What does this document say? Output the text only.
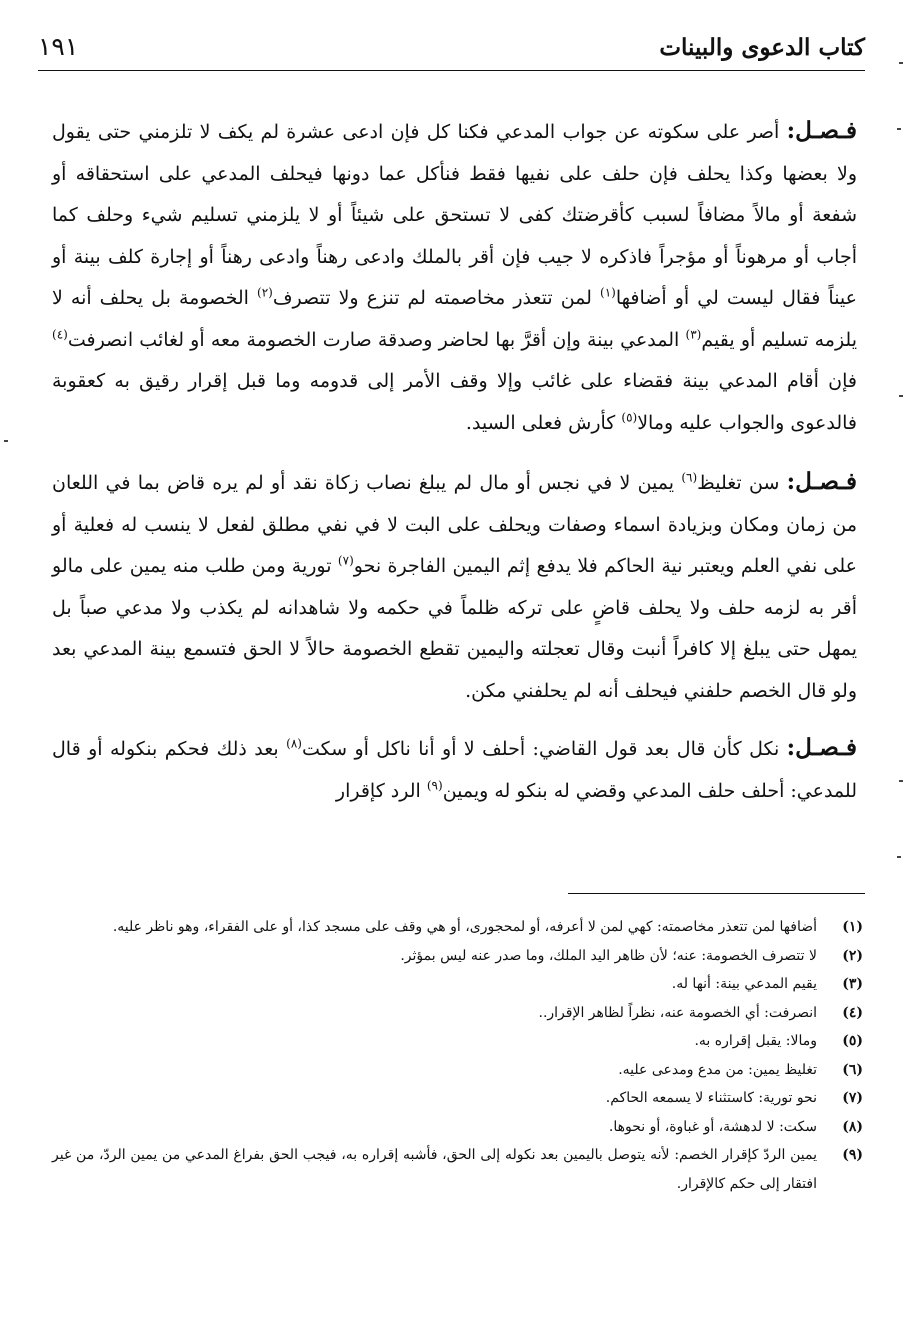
كتاب الدعوى والبينات
١٩١

فـصـل: أصر على سكوته عن جواب المدعي فكنا كل فإن ادعى عشرة لم يكف لا تلزمني حتى يقول ولا بعضها وكذا يحلف فإن حلف على نفيها فقط فنأكل عما دونها فيحلف المدعي على استحقاقه أو شفعة أو مالاً مضافاً لسبب كأقرضتك كفى لا تستحق على شيئاً أو لا يلزمني تسليم شيء وحلف كما أجاب أو مرهوناً أو مؤجراً فاذكره لا جيب فإن أقر بالملك وادعى رهناً وادعى رهناً أو إجارة كلف بينة أو عيناً فقال ليست لي أو أضافها$^{(١)}$ لمن تتعذر مخاصمته لم تنزع ولا تتصرف$^{(٢)}$ الخصومة بل يحلف أنه لا يلزمه تسليم أو يقيم$^{(٣)}$ المدعي بينة وإن أقرَّ بها لحاضر وصدقة صارت الخصومة معه أو لغائب انصرفت$^{(٤)}$ فإن أقام المدعي بينة فقضاء على غائب وإلا وقف الأمر إلى قدومه وما قبل إقرار رقيق به كعقوبة فالدعوى والجواب عليه ومالا$^{(٥)}$ كأرش فعلى السيد.

فـصـل: سن تغليظ$^{(٦)}$ يمين لا في نجس أو مال لم يبلغ نصاب زكاة نقد أو لم يره قاض بما في اللعان من زمان ومكان وبزيادة اسماء وصفات ويحلف على البت لا في نفي مطلق لفعل لا ينسب له فعلية أو على نفي العلم ويعتبر نية الحاكم فلا يدفع إثم اليمين الفاجرة نحو$^{(٧)}$ تورية ومن طلب منه يمين على مالو أقر به لزمه حلف ولا يحلف قاضٍ على تركه ظلماً في حكمه ولا شاهدانه لم يكذب ولا مدعي صباً بل يمهل حتى يبلغ إلا كافراً أنبت وقال تعجلته واليمين تقطع الخصومة حالاً لا الحق فتسمع بينة المدعي بعد ولو قال الخصم حلفني فيحلف أنه لم يحلفني مكن.

فـصـل: نكل كأن قال بعد قول القاضي: أحلف لا أو أنا ناكل أو سكت$^{(٨)}$ بعد ذلك فحكم بنكوله أو قال للمدعي: أحلف حلف المدعي وقضي له بنكو له ويمين$^{(٩)}$ الرد كإقرار

(١)
أضافها لمن تتعذر مخاصمته: كهي لمن لا أعرفه، أو لمحجورى، أو هي وقف على مسجد كذا، أو على الفقراء، وهو ناظر عليه.
(٢)
لا تتصرف الخصومة: عنه؛ لأن ظاهر اليد الملك، وما صدر عنه ليس بمؤثر.
(٣)
يقيم المدعي بينة: أنها له.
(٤)
انصرفت: أي الخصومة عنه، نظراً لظاهر الإقرار..
(٥)
ومالا: يقبل إقراره به.
(٦)
تغليظ يمين: من مدع ومدعى عليه.
(٧)
نحو تورية: كاستثناء لا يسمعه الحاكم.
(٨)
سكت: لا لدهشة، أو غباوة، أو نحوها.
(٩)
يمين الردّ كإقرار الخصم: لأنه يتوصل باليمين بعد نكوله إلى الحق، فأشبه إقراره به، فيجب الحق بفراغ المدعي من يمين الردّ، من غير افتقار إلى حكم كالإقرار.
